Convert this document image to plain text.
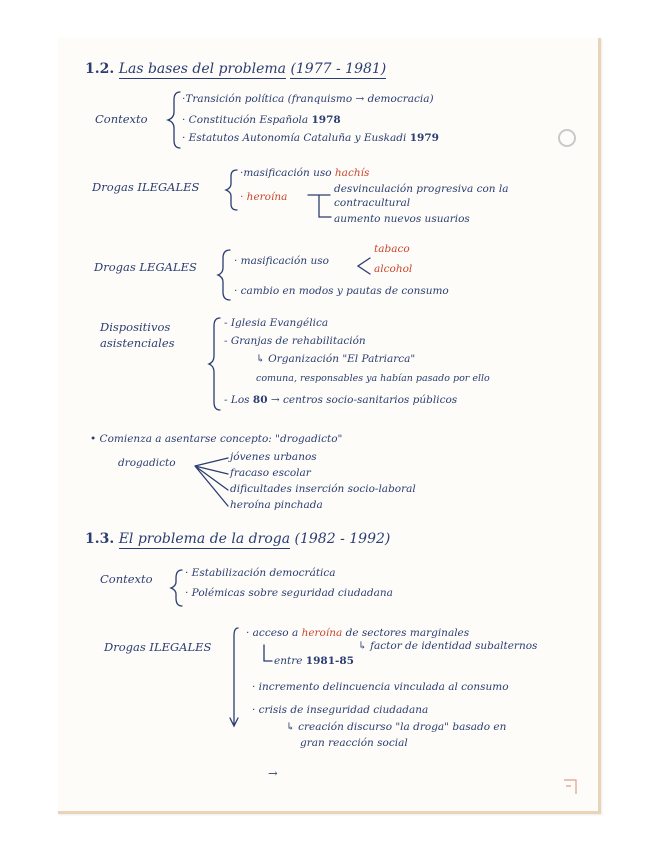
1.2. Las bases del problema (1977 - 1981)
Contexto
·Transición política (franquismo → democracia)
· Constitución Española 1978
· Estatutos Autonomía Cataluña y Euskadi 1979
Drogas ILEGALES
·masificación uso hachís
· heroína
desvinculación progresiva con la
contracultural
aumento nuevos usuarios
Drogas LEGALES	· masificación uso
tabaco
alcohol
· cambio en modos y pautas de consumo
Dispositivos
asistenciales
- Iglesia Evangélica
- Granjas de rehabilitación
↳ Organización "El Patriarca"
comuna, responsables ya habían pasado por ello
- Los 80 → centros socio-sanitarios públicos
• Comienza a asentarse concepto: "drogadicto"
drogadicto	jóvenes urbanos
fracaso escolar
dificultades inserción socio-laboral
heroína pinchada
1.3. El problema de la droga (1982 - 1992)
Contexto	· Estabilización democrática
· Polémicas sobre seguridad ciudadana
Drogas ILEGALES
· acceso a heroína de sectores marginales
↳ factor de identidad subalternos
entre 1981-85
· incremento delincuencia vinculada al consumo
· crisis de inseguridad ciudadana
↳ creación discurso "la droga" basado en
gran reacción social
→
